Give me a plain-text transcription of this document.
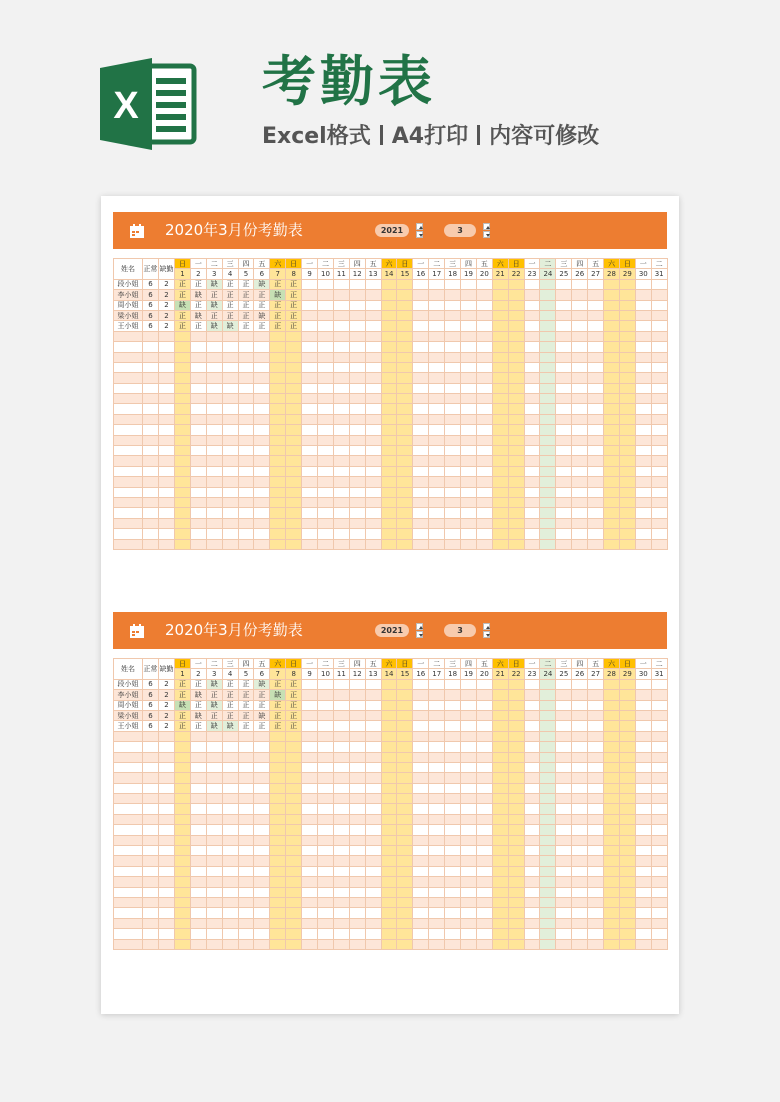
X 考勤表
Excel格式 A4打印 内容可修改
2020年3月份考勤表	2021	3
姓名	正常	缺勤	日	一	二	三	四	五	六	日	一	二	三	四	五	六	日	一	二	三	四	五	六	日	一	二	三	四	五	六	日	一	二
			1	2	3	4	5	6	7	8	9	10	11	12	13	14	15	16	17	18	19	20	21	22	23	24	25	26	27	28	29	30	31
段小姐	6	2	正	正	缺	正	正	缺	正	正																							
李小姐	6	2	正	缺	正	正	正	正	缺	正																							
周小姐	6	2	缺	正	缺	正	正	正	正	正																							
梁小姐	6	2	正	缺	正	正	正	缺	正	正																							
王小姐	6	2	正	正	缺	缺	正	正	正	正																							

2020年3月份考勤表	2021	3
姓名	正常	缺勤	日	一	二	三	四	五	六	日	一	二	三	四	五	六	日	一	二	三	四	五	六	日	一	二	三	四	五	六	日	一	二
			1	2	3	4	5	6	7	8	9	10	11	12	13	14	15	16	17	18	19	20	21	22	23	24	25	26	27	28	29	30	31
段小姐	6	2	正	正	缺	正	正	缺	正	正																							
李小姐	6	2	正	缺	正	正	正	正	缺	正																							
周小姐	6	2	缺	正	缺	正	正	正	正	正																							
梁小姐	6	2	正	缺	正	正	正	缺	正	正																							
王小姐	6	2	正	正	缺	缺	正	正	正	正																							
